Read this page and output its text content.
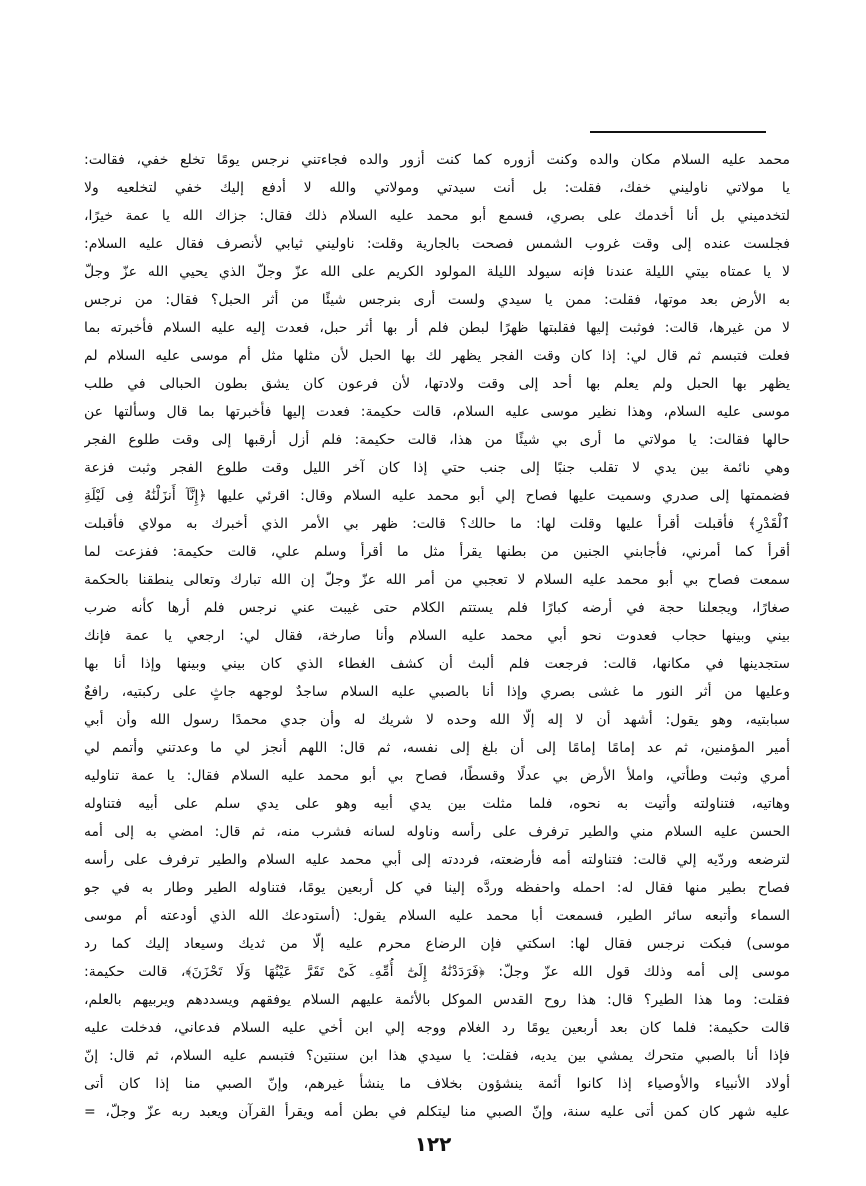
محمد عليه السلام مكان والده وكنت أزوره كما كنت أزور والده فجاءتني نرجس يومًا تخلع خفي، فقالت:
يا مولاتي ناوليني خفك، فقلت: بل أنت سيدتي ومولاتي والله لا أدفع إليك خفي لتخلعيه ولا
لتخدميني بل أنا أخدمك على بصري، فسمع أبو محمد عليه السلام ذلك فقال: جزاك الله يا عمة خيرًا،
فجلست عنده إلى وقت غروب الشمس فصحت بالجارية وقلت: ناوليني ثيابي لأنصرف فقال عليه السلام:
لا يا عمتاه بيتي الليلة عندنا فإنه سيولد الليلة المولود الكريم على الله عزّ وجلّ الذي يحيي الله عزّ وجلّ
به الأرض بعد موتها، فقلت: ممن يا سيدي ولست أرى بنرجس شيئًا من أثر الحبل؟ فقال: من نرجس
لا من غيرها، قالت: فوثبت إليها فقلبتها ظهرًا لبطن فلم أر بها أثر حبل، فعدت إليه عليه السلام فأخبرته بما
فعلت فتبسم ثم قال لي: إذا كان وقت الفجر يظهر لك بها الحبل لأن مثلها مثل أم موسى عليه السلام لم
يظهر بها الحبل ولم يعلم بها أحد إلى وقت ولادتها، لأن فرعون كان يشق بطون الحبالى في طلب
موسى عليه السلام، وهذا نظير موسى عليه السلام، قالت حكيمة: فعدت إليها فأخبرتها بما قال وسألتها عن
حالها فقالت: يا مولاتي ما أرى بي شيئًا من هذا، قالت حكيمة: فلم أزل أرقبها إلى وقت طلوع الفجر
وهي نائمة بين يدي لا تقلب جنبًا إلى جنب حتي إذا كان آخر الليل وقت طلوع الفجر وثبت فزعة
فضممتها إلى صدري وسميت عليها فصاح إلي أبو محمد عليه السلام وقال: اقرئي عليها ﴿إِنَّآ أَنزَلْنَٰهُ فِى لَيْلَةِ
ٱلْقَدْرِ﴾ فأقبلت أقرأ عليها وقلت لها: ما حالك؟ قالت: ظهر بي الأمر الذي أخبرك به مولاي فأقبلت
أقرأ كما أمرني، فأجابني الجنين من بطنها يقرأ مثل ما أقرأ وسلم علي، قالت حكيمة: ففزعت لما
سمعت فصاح بي أبو محمد عليه السلام لا تعجبي من أمر الله عزّ وجلّ إن الله تبارك وتعالى ينطقنا بالحكمة
صغارًا، ويجعلنا حجة في أرضه كبارًا فلم يستتم الكلام حتى غيبت عني نرجس فلم أرها كأنه ضرب
بيني وبينها حجاب فعدوت نحو أبي محمد عليه السلام وأنا صارخة، فقال لي: ارجعي يا عمة فإنك
ستجدينها في مكانها، قالت: فرجعت فلم ألبث أن كشف الغطاء الذي كان بيني وبينها وإذا أنا بها
وعليها من أثر النور ما غشى بصري وإذا أنا بالصبي عليه السلام ساجدٌ لوجهه جاثٍ على ركبتيه، رافعٌ
سبابتيه، وهو يقول: أشهد أن لا إله إلّا الله وحده لا شريك له وأن جدي محمدًا رسول الله وأن أبي
أمير المؤمنين، ثم عد إمامًا إمامًا إلى أن بلغ إلى نفسه، ثم قال: اللهم أنجز لي ما وعدتني وأتمم لي
أمري وثبت وطأتي، واملأ الأرض بي عدلًا وقسطًا، فصاح بي أبو محمد عليه السلام فقال: يا عمة تناوليه
وهاتيه، فتناولته وأتيت به نحوه، فلما مثلت بين يدي أبيه وهو على يدي سلم على أبيه فتناوله
الحسن عليه السلام مني والطير ترفرف على رأسه وناوله لسانه فشرب منه، ثم قال: امضي به إلى أمه
لترضعه وردّيه إلي قالت: فتناولته أمه فأرضعته، فرددته إلى أبي محمد عليه السلام والطير ترفرف على رأسه
فصاح بطير منها فقال له: احمله واحفظه وردَّه إلينا في كل أربعين يومًا، فتناوله الطير وطار به في جو
السماء وأتبعه سائر الطير، فسمعت أبا محمد عليه السلام يقول: (أستودعك الله الذي أودعته أم موسى
موسى) فبكت نرجس فقال لها: اسكتي فإن الرضاع محرم عليه إلّا من ثديك وسيعاد إليك كما رد
موسى إلى أمه وذلك قول الله عزّ وجلّ: ﴿فَرَدَدْنَٰهُ إِلَىٰٓ أُمِّهِۦ كَىْ تَقَرَّ عَيْنُهَا وَلَا تَحْزَنَ﴾، قالت حكيمة:
فقلت: وما هذا الطير؟ قال: هذا روح القدس الموكل بالأئمة عليهم السلام يوفقهم ويسددهم ويربيهم بالعلم،
قالت حكيمة: فلما كان بعد أربعين يومًا رد الغلام ووجه إلي ابن أخي عليه السلام فدعاني، فدخلت عليه
فإذا أنا بالصبي متحرك يمشي بين يديه، فقلت: يا سيدي هذا ابن سنتين؟ فتبسم عليه السلام، ثم قال: إنّ
أولاد الأنبياء والأوصياء إذا كانوا أئمة ينشؤون بخلاف ما ينشأ غيرهم، وإنّ الصبي منا إذا كان أتى
عليه شهر كان كمن أتى عليه سنة، وإنّ الصبي منا ليتكلم في بطن أمه ويقرأ القرآن ويعبد ربه عزّ وجلّ، =
١٢٢
